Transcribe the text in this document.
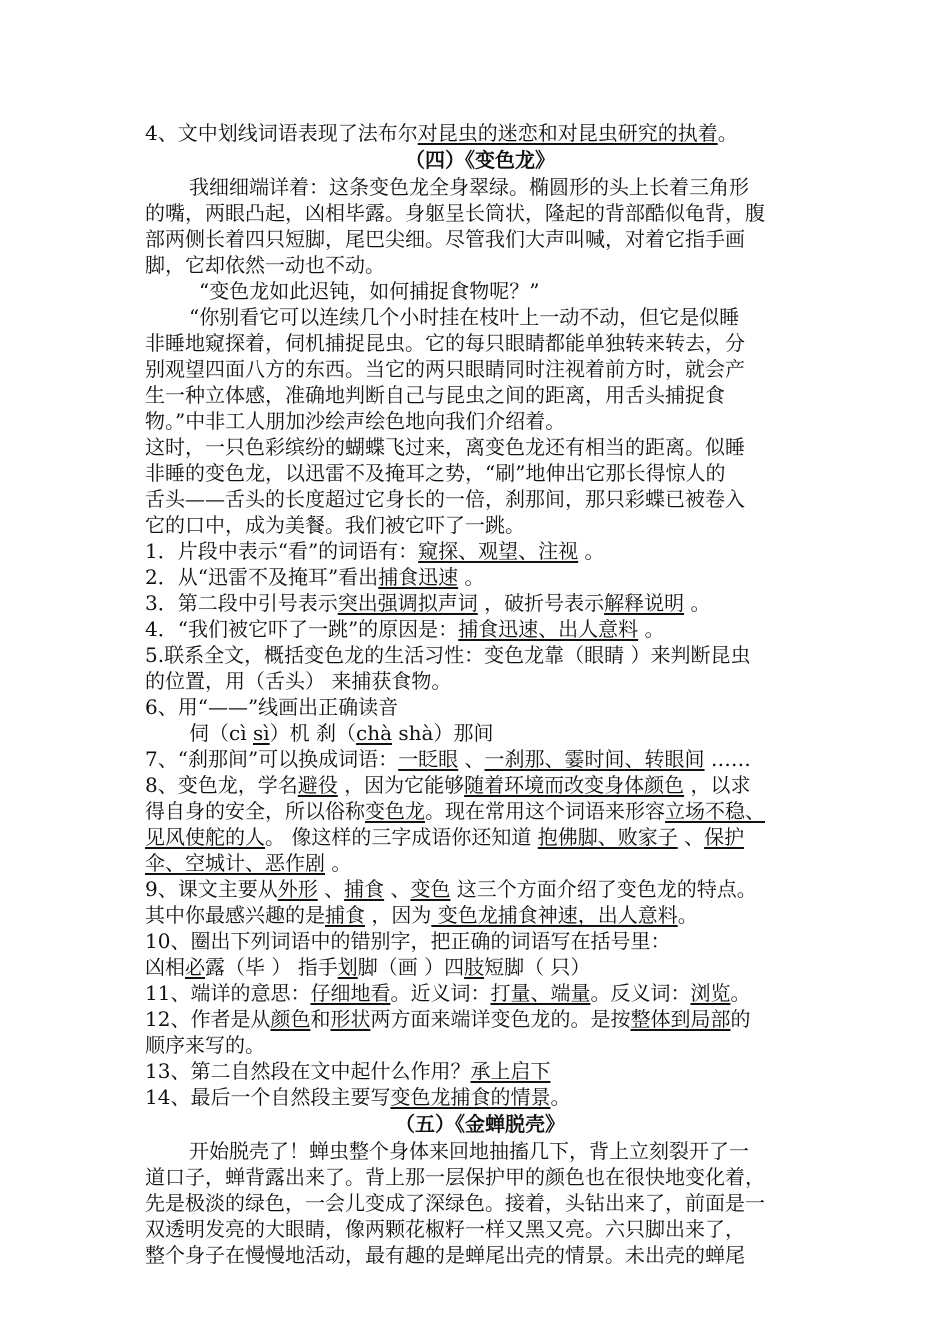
4、文中划线词语表现了法布尔对昆虫的迷恋和对昆虫研究的执着。
（四）《变色龙》
我细细端详着：这条变色龙全身翠绿。椭圆形的头上长着三角形
的嘴，两眼凸起，凶相毕露。身躯呈长筒状，隆起的背部酷似龟背，腹
部两侧长着四只短脚，尾巴尖细。尽管我们大声叫喊，对着它指手画
脚，它却依然一动也不动。
“变色龙如此迟钝，如何捕捉食物呢？”
“你别看它可以连续几个小时挂在枝叶上一动不动，但它是似睡
非睡地窥探着，伺机捕捉昆虫。它的每只眼睛都能单独转来转去，分
别观望四面八方的东西。当它的两只眼睛同时注视着前方时，就会产
生一种立体感，准确地判断自己与昆虫之间的距离，用舌头捕捉食
物。”中非工人朋加沙绘声绘色地向我们介绍着。
这时，一只色彩缤纷的蝴蝶飞过来，离变色龙还有相当的距离。似睡
非睡的变色龙，以迅雷不及掩耳之势，“刷”地伸出它那长得惊人的
舌头——舌头的长度超过它身长的一倍，刹那间，那只彩蝶已被卷入
它的口中，成为美餐。我们被它吓了一跳。
1．片段中表示“看”的词语有：窥探、观望、注视 。
2．从“迅雷不及掩耳”看出捕食迅速 。
3．第二段中引号表示突出强调拟声词 ，破折号表示解释说明 。
4．“我们被它吓了一跳”的原因是：捕食迅速、出人意料 。
5.联系全文，概括变色龙的生活习性：变色龙靠（眼睛 ）来判断昆虫
的位置，用（舌头） 来捕获食物。
6、用“——”线画出正确读音
伺（cì sì）机 刹（chà shà）那间
7、“刹那间”可以换成词语：一眨眼 、一刹那、霎时间、转眼间 ……
8、变色龙，学名避役 ，因为它能够随着环境而改变身体颜色 ，以求
得自身的安全，所以俗称变色龙。现在常用这个词语来形容立场不稳、
见风使舵的人。 像这样的三字成语你还知道 抱佛脚、败家子 、保护
伞、空城计、恶作剧 。
9、课文主要从外形 、捕食 、变色 这三个方面介绍了变色龙的特点。
其中你最感兴趣的是捕食 ，因为 变色龙捕食神速，出人意料。
10、圈出下列词语中的错别字，把正确的词语写在括号里：
凶相必露（毕 ） 指手划脚（画 ）四肢短脚（ 只）
11、端详的意思：仔细地看。近义词：打量、端量。反义词：浏览。
12、作者是从颜色和形状两方面来端详变色龙的。是按整体到局部的
顺序来写的。
13、第二自然段在文中起什么作用？承上启下
14、最后一个自然段主要写变色龙捕食的情景。
（五）《金蝉脱壳》
开始脱壳了！蝉虫整个身体来回地抽搐几下，背上立刻裂开了一
道口子，蝉背露出来了。背上那一层保护甲的颜色也在很快地变化着，
先是极淡的绿色，一会儿变成了深绿色。接着，头钻出来了，前面是一
双透明发亮的大眼睛，像两颗花椒籽一样又黑又亮。六只脚出来了，
整个身子在慢慢地活动，最有趣的是蝉尾出壳的情景。未出壳的蝉尾
